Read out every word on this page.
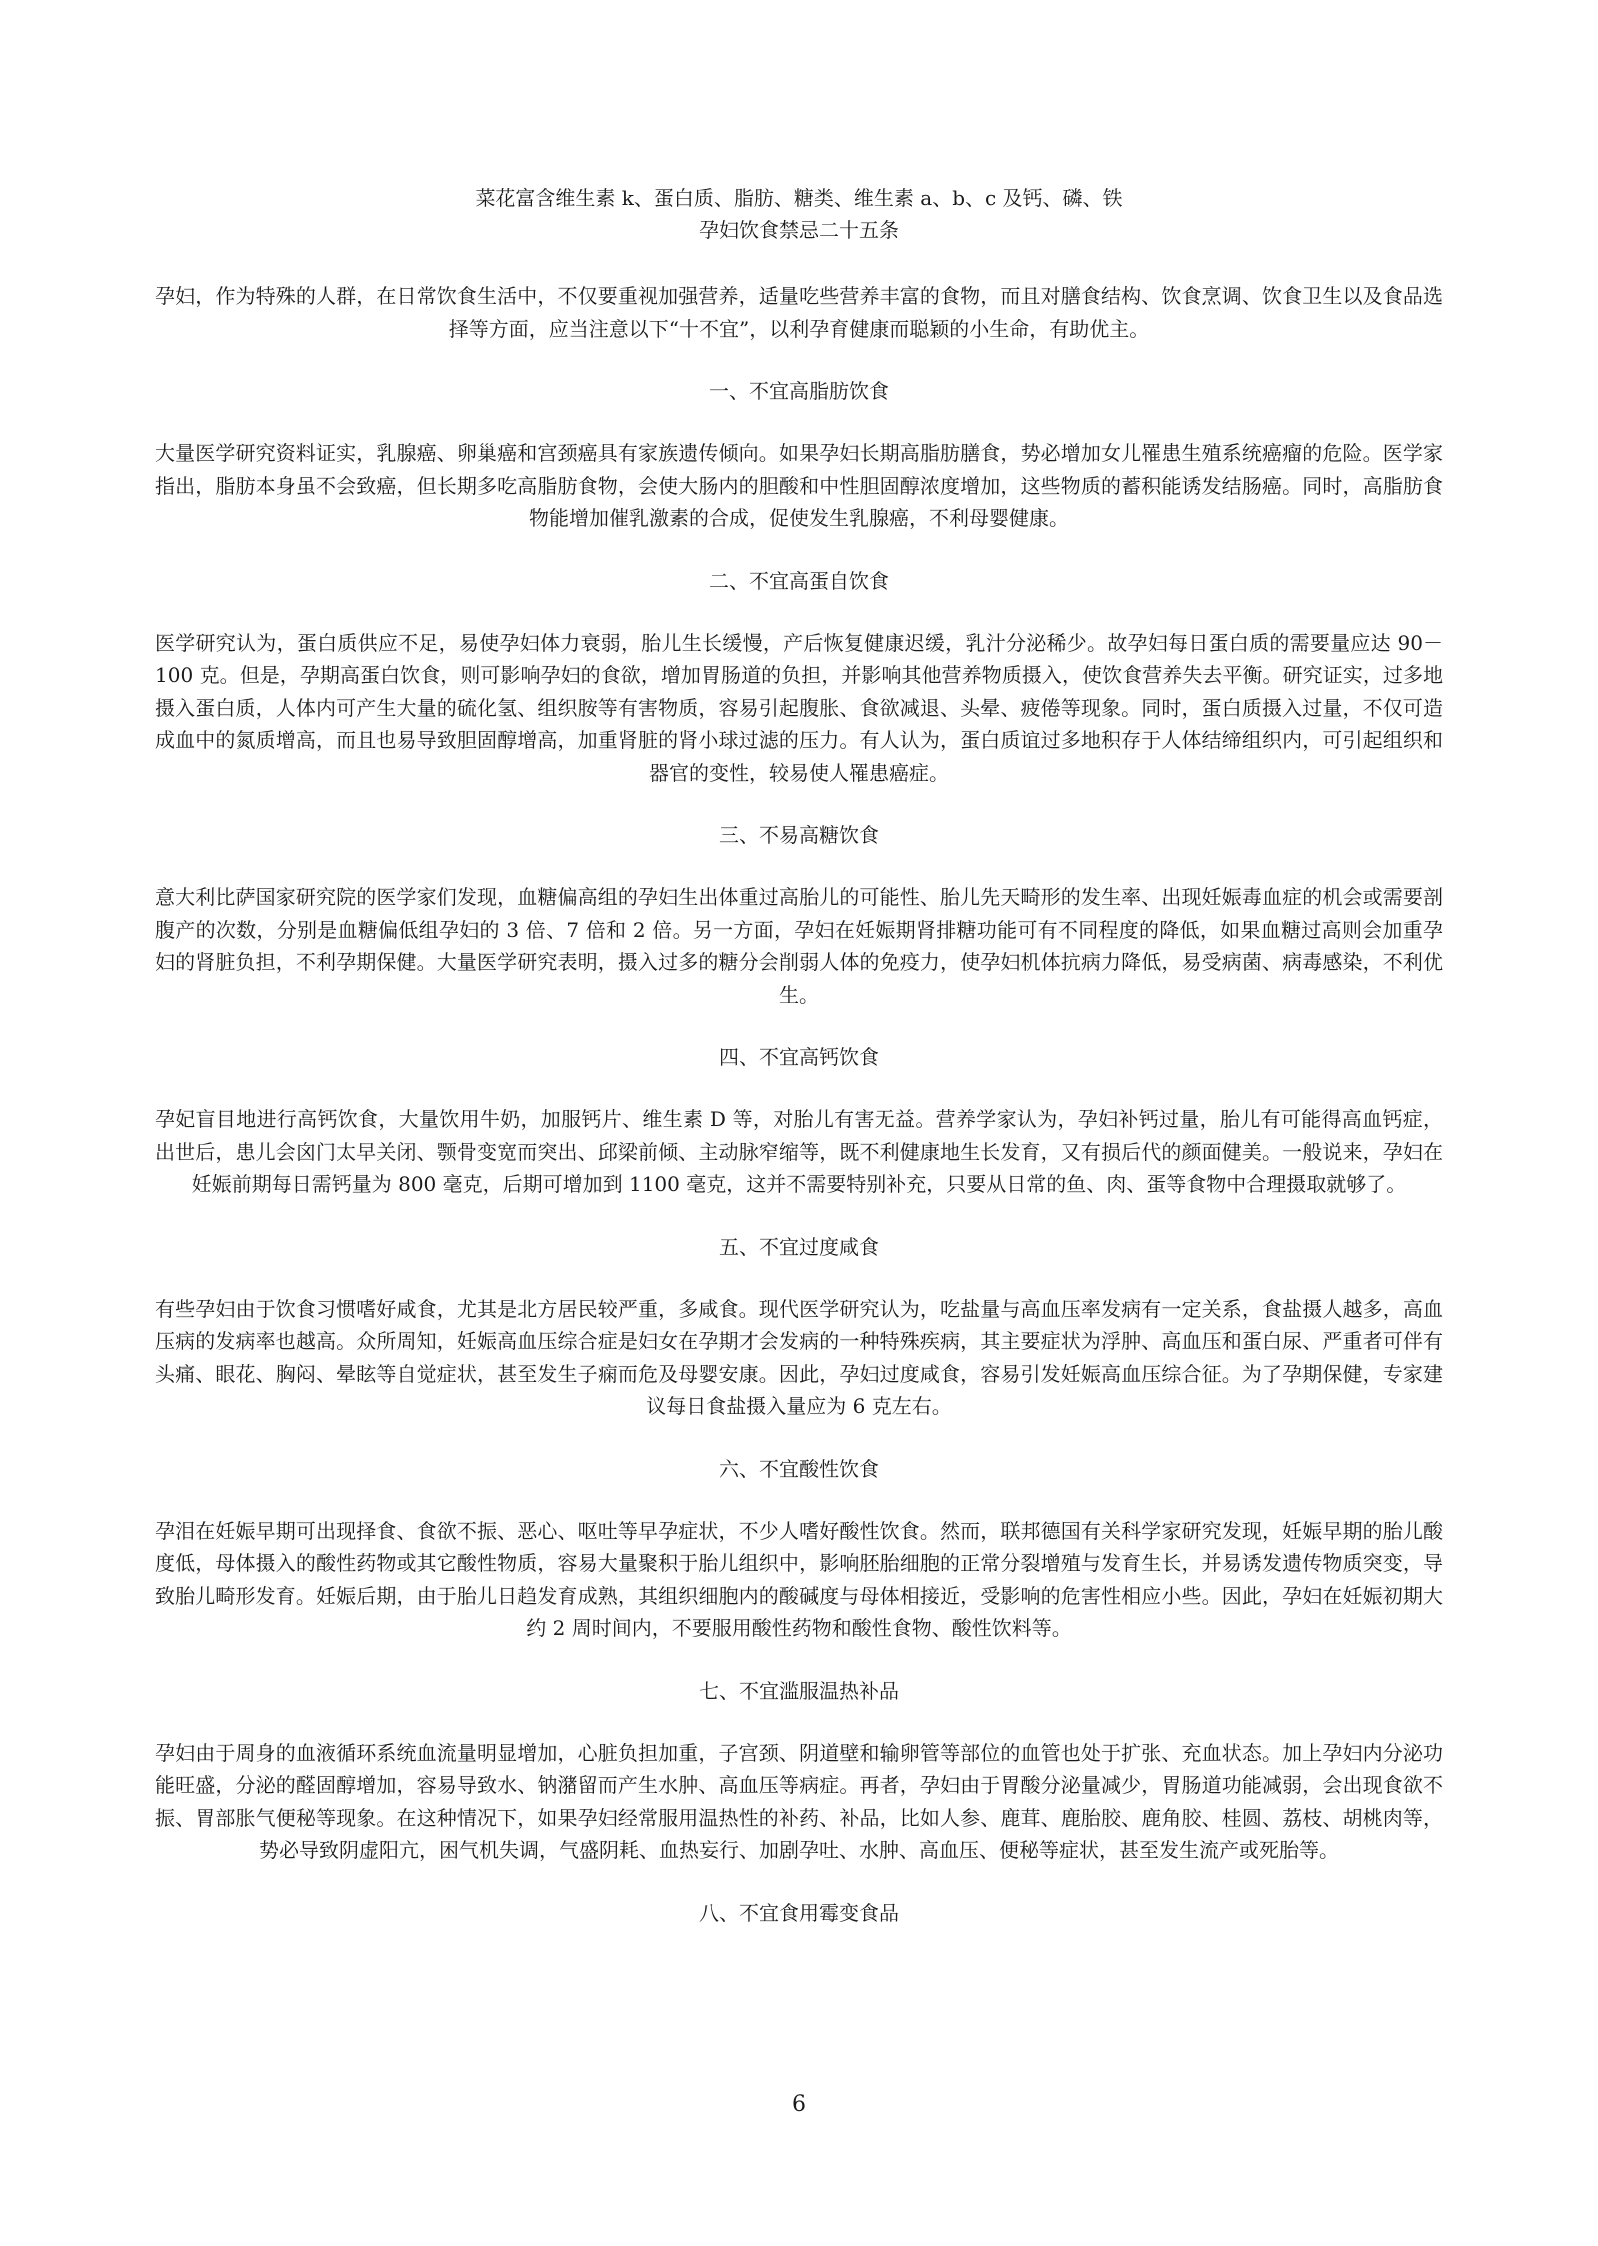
菜花富含维生素 k、蛋白质、脂肪、糖类、维生素 a、b、c 及钙、磷、铁
孕妇饮食禁忌二十五条

孕妇，作为特殊的人群，在日常饮食生活中，不仅要重视加强营养，适量吃些营养丰富的食物，而且对膳食结构、饮食烹调、饮食卫生以及食品选择等方面，应当注意以下“十不宜”，以利孕育健康而聪颖的小生命，有助优主。

一、不宜高脂肪饮食

大量医学研究资料证实，乳腺癌、卵巢癌和宫颈癌具有家族遗传倾向。如果孕妇长期高脂肪膳食，势必增加女儿罹患生殖系统癌瘤的危险。医学家指出，脂肪本身虽不会致癌，但长期多吃高脂肪食物，会使大肠内的胆酸和中性胆固醇浓度增加，这些物质的蓄积能诱发结肠癌。同时，高脂肪食物能增加催乳激素的合成，促使发生乳腺癌，不利母婴健康。

二、不宜高蛋自饮食

医学研究认为，蛋白质供应不足，易使孕妇体力衰弱，胎儿生长缓慢，产后恢复健康迟缓，乳汁分泌稀少。故孕妇每日蛋白质的需要量应达 90－100 克。但是，孕期高蛋白饮食，则可影响孕妇的食欲，增加胃肠道的负担，并影响其他营养物质摄入，使饮食营养失去平衡。研究证实，过多地摄入蛋白质，人体内可产生大量的硫化氢、组织胺等有害物质，容易引起腹胀、食欲减退、头晕、疲倦等现象。同时，蛋白质摄入过量，不仅可造成血中的氮质增高，而且也易导致胆固醇增高，加重肾脏的肾小球过滤的压力。有人认为，蛋白质谊过多地积存于人体结缔组织内，可引起组织和器官的变性，较易使人罹患癌症。

三、不易高糖饮食

意大利比萨国家研究院的医学家们发现，血糖偏高组的孕妇生出体重过高胎儿的可能性、胎儿先天畸形的发生率、出现妊娠毒血症的机会或需要剖腹产的次数，分别是血糖偏低组孕妇的 3 倍、7 倍和 2 倍。另一方面，孕妇在妊娠期肾排糖功能可有不同程度的降低，如果血糖过高则会加重孕妇的肾脏负担，不利孕期保健。大量医学研究表明，摄入过多的糖分会削弱人体的免疫力，使孕妇机体抗病力降低，易受病菌、病毒感染，不利优生。

四、不宜高钙饮食

孕妃盲目地进行高钙饮食，大量饮用牛奶，加服钙片、维生素 D 等，对胎儿有害无益。营养学家认为，孕妇补钙过量，胎儿有可能得高血钙症，出世后，患儿会囟门太早关闭、颚骨变宽而突出、邱梁前倾、主动脉窄缩等，既不利健康地生长发育，又有损后代的颜面健美。一般说来，孕妇在妊娠前期每日需钙量为 800 毫克，后期可增加到 1100 毫克，这并不需要特别补充，只要从日常的鱼、肉、蛋等食物中合理摄取就够了。

五、不宜过度咸食

有些孕妇由于饮食习惯嗜好咸食，尤其是北方居民较严重，多咸食。现代医学研究认为，吃盐量与高血压率发病有一定关系，食盐摄人越多，高血压病的发病率也越高。众所周知，妊娠高血压综合症是妇女在孕期才会发病的一种特殊疾病，其主要症状为浮肿、高血压和蛋白尿、严重者可伴有头痛、眼花、胸闷、晕眩等自觉症状，甚至发生子痫而危及母婴安康。因此，孕妇过度咸食，容易引发妊娠高血压综合征。为了孕期保健，专家建议每日食盐摄入量应为 6 克左右。

六、不宜酸性饮食

孕泪在妊娠早期可出现择食、食欲不振、恶心、呕吐等早孕症状，不少人嗜好酸性饮食。然而，联邦德国有关科学家研究发现，妊娠早期的胎儿酸度低，母体摄入的酸性药物或其它酸性物质，容易大量聚积于胎儿组织中，影响胚胎细胞的正常分裂增殖与发育生长，并易诱发遗传物质突变，导致胎儿畸形发育。妊娠后期，由于胎儿日趋发育成熟，其组织细胞内的酸碱度与母体相接近，受影响的危害性相应小些。因此，孕妇在妊娠初期大约 2 周时间内，不要服用酸性药物和酸性食物、酸性饮料等。

七、不宜滥服温热补品

孕妇由于周身的血液循环系统血流量明显增加，心脏负担加重，子宫颈、阴道壁和输卵管等部位的血管也处于扩张、充血状态。加上孕妇内分泌功能旺盛，分泌的醛固醇增加，容易导致水、钠潴留而产生水肿、高血压等病症。再者，孕妇由于胃酸分泌量减少，胃肠道功能减弱，会出现食欲不振、胃部胀气便秘等现象。在这种情况下，如果孕妇经常服用温热性的补药、补品，比如人参、鹿茸、鹿胎胶、鹿角胶、桂圆、荔枝、胡桃肉等，势必导致阴虚阳亢，困气机失调，气盛阴耗、血热妄行、加剧孕吐、水肿、高血压、便秘等症状，甚至发生流产或死胎等。

八、不宜食用霉变食品
6
